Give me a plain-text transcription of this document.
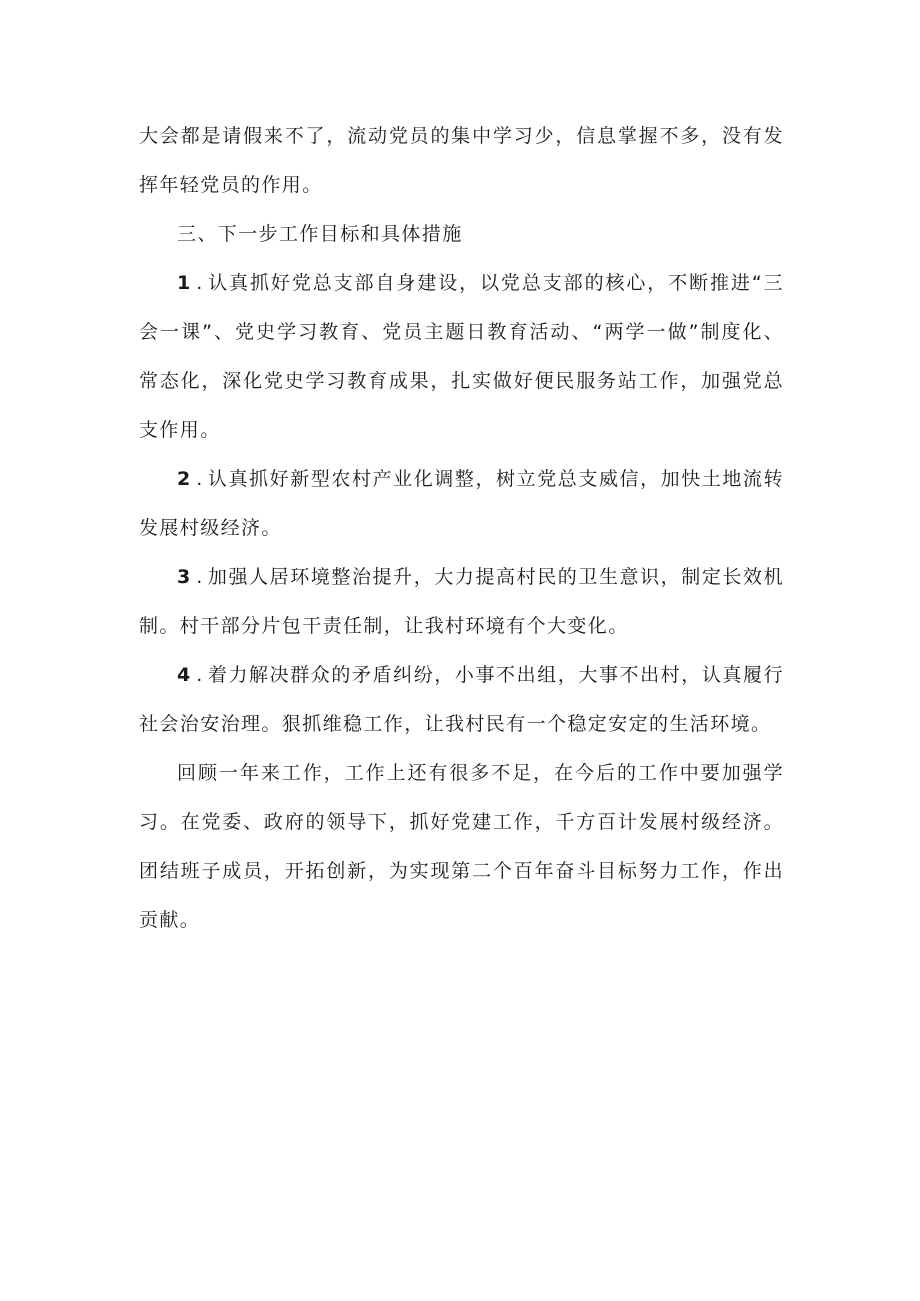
大会都是请假来不了，流动党员的集中学习少，信息掌握不多，没有发挥年轻党员的作用。

三、下一步工作目标和具体措施

1 . 认真抓好党总支部自身建设，以党总支部的核心，不断推进“三会一课”、党史学习教育、党员主题日教育活动、“两学一做”制度化、常态化，深化党史学习教育成果，扎实做好便民服务站工作，加强党总支作用。

2 . 认真抓好新型农村产业化调整，树立党总支威信，加快土地流转发展村级经济。

3 . 加强人居环境整治提升，大力提高村民的卫生意识，制定长效机制。村干部分片包干责任制，让我村环境有个大变化。

4 . 着力解决群众的矛盾纠纷，小事不出组，大事不出村，认真履行社会治安治理。狠抓维稳工作，让我村民有一个稳定安定的生活环境。

回顾一年来工作，工作上还有很多不足，在今后的工作中要加强学习。在党委、政府的领导下，抓好党建工作，千方百计发展村级经济。团结班子成员，开拓创新，为实现第二个百年奋斗目标努力工作，作出贡献。
